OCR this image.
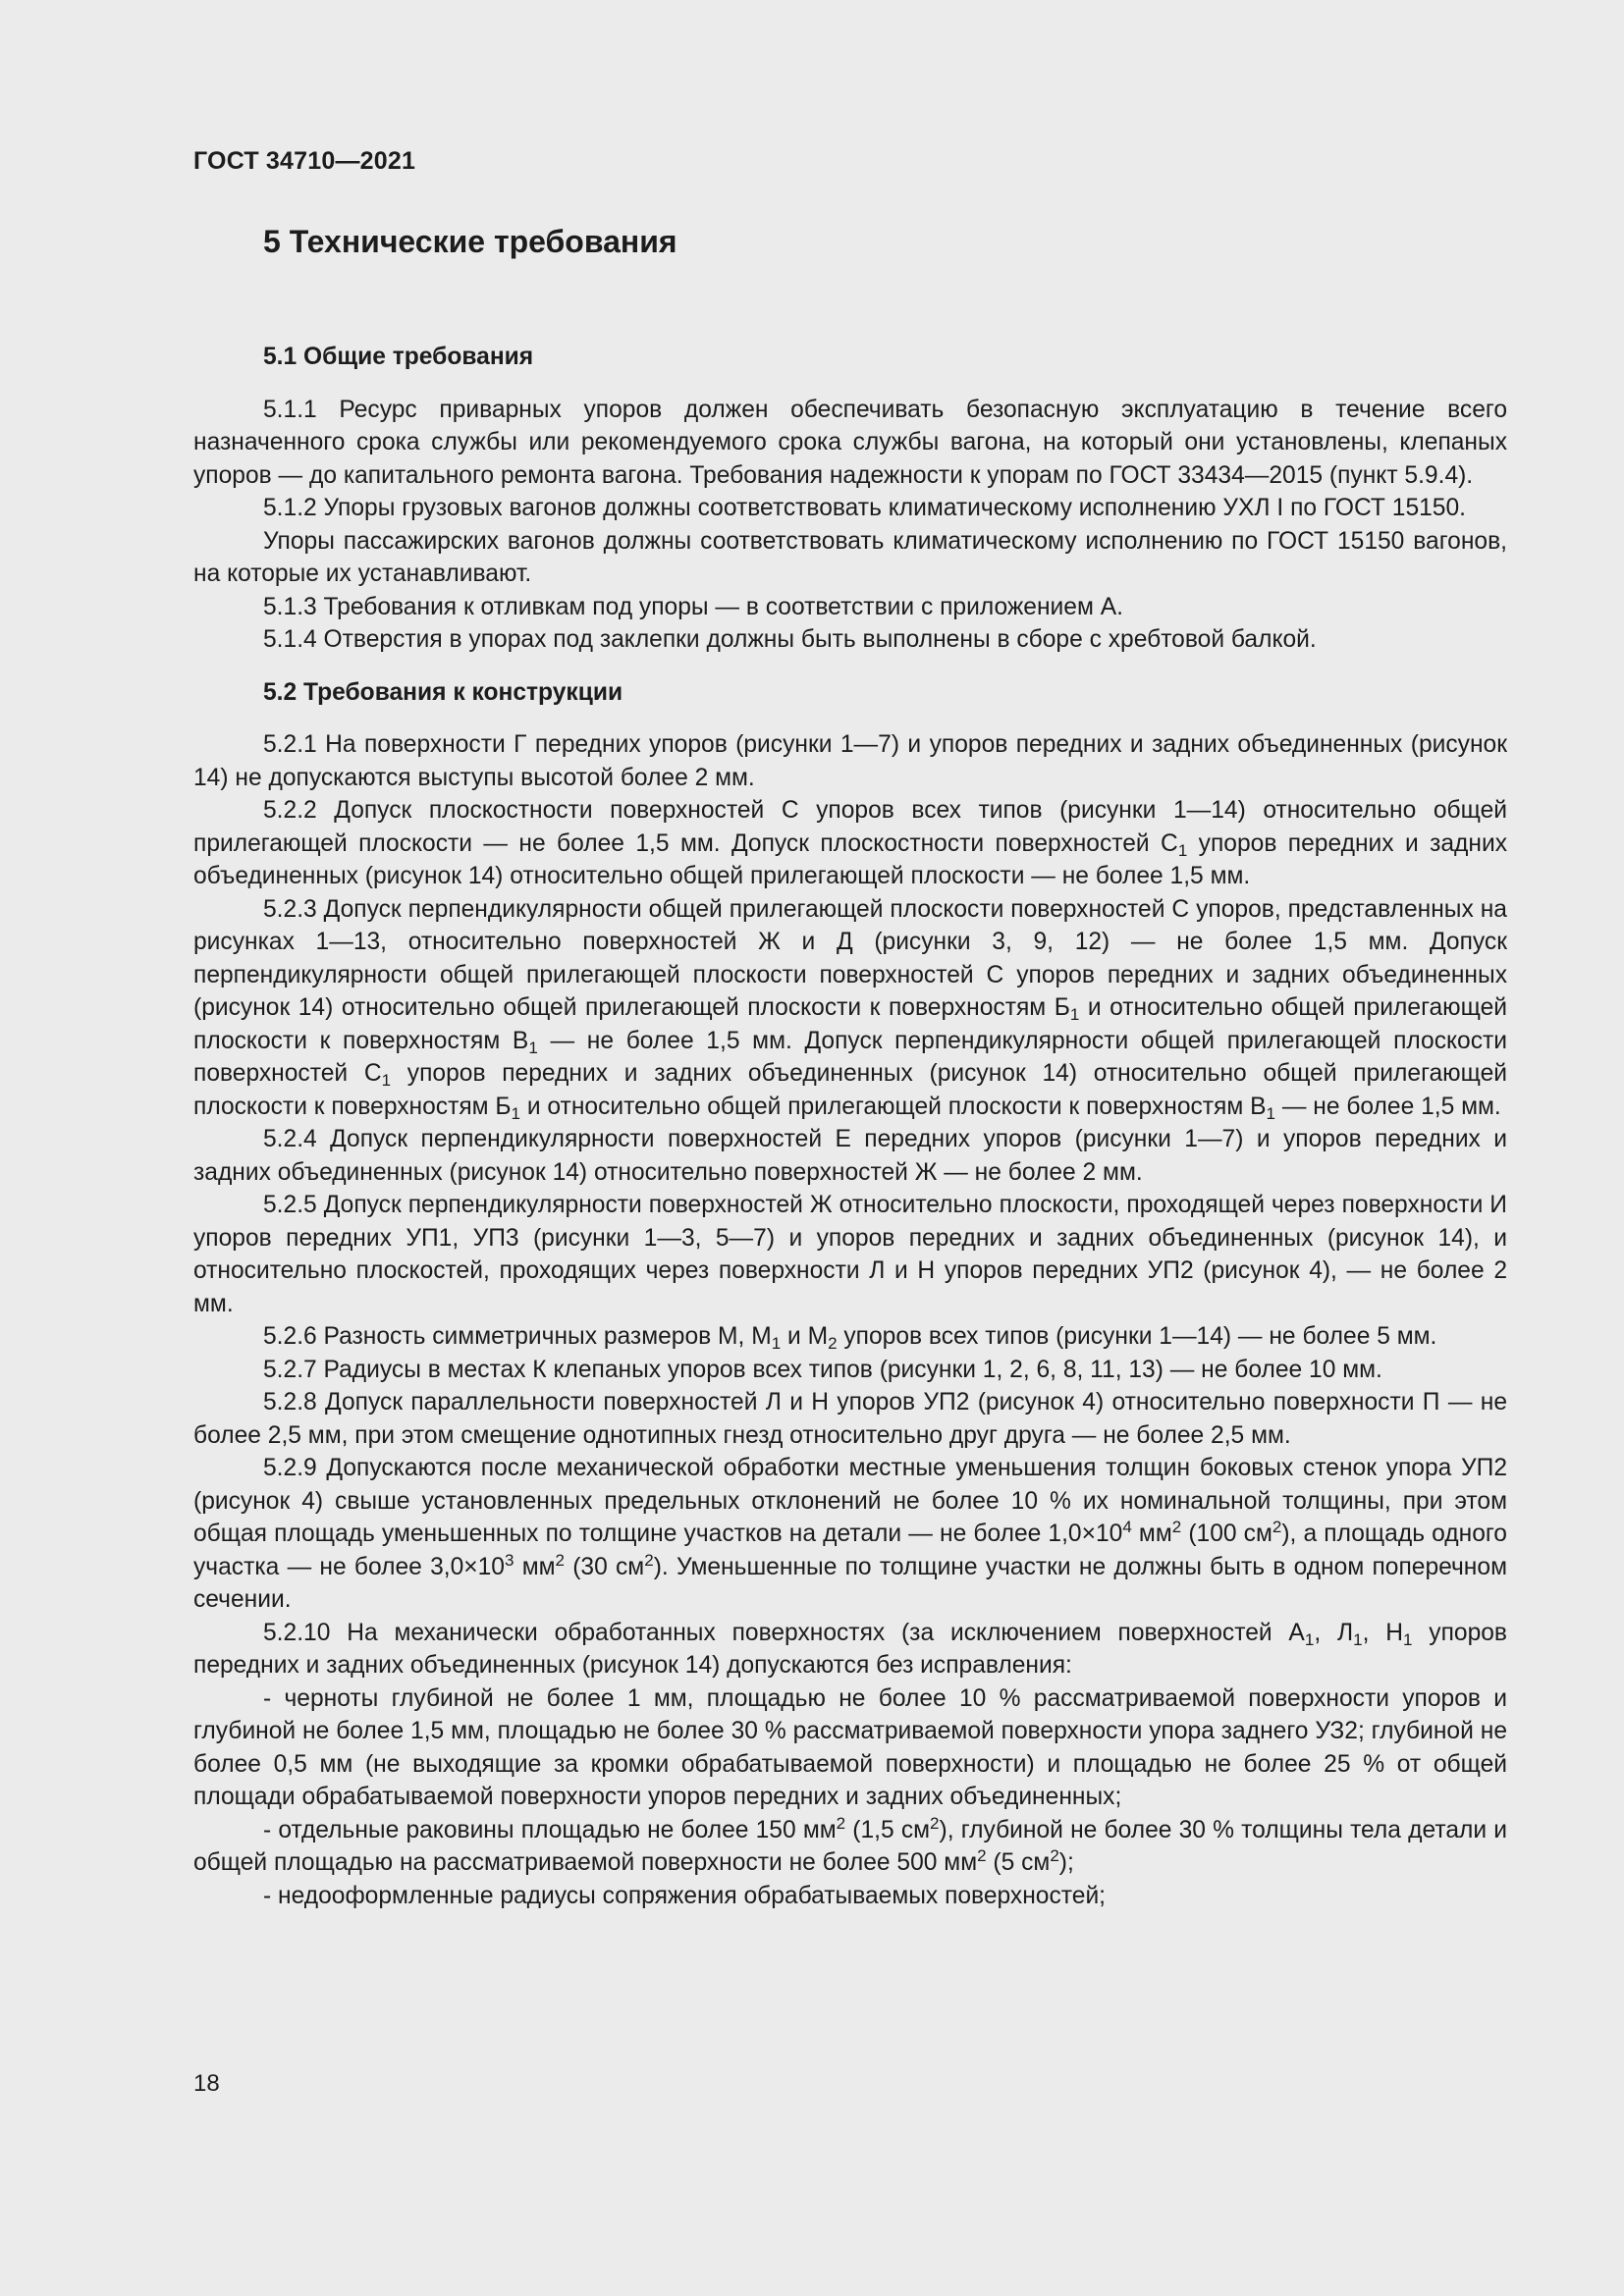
ГОСТ 34710—2021
5 Технические требования

5.1 Общие требования

5.1.1 Ресурс приварных упоров должен обеспечивать безопасную эксплуатацию в течение всего назначенного срока службы или рекомендуемого срока службы вагона, на который они установлены, клепаных упоров — до капитального ремонта вагона. Требования надежности к упорам по ГОСТ 33434—2015 (пункт 5.9.4).

5.1.2 Упоры грузовых вагонов должны соответствовать климатическому исполнению УХЛ I по ГОСТ 15150.

Упоры пассажирских вагонов должны соответствовать климатическому исполнению по ГОСТ 15150 вагонов, на которые их устанавливают.

5.1.3 Требования к отливкам под упоры — в соответствии с приложением А.

5.1.4 Отверстия в упорах под заклепки должны быть выполнены в сборе с хребтовой балкой.

5.2 Требования к конструкции

5.2.1 На поверхности Г передних упоров (рисунки 1—7) и упоров передних и задних объединенных (рисунок 14) не допускаются выступы высотой более 2 мм.

5.2.2 Допуск плоскостности поверхностей С упоров всех типов (рисунки 1—14) относительно общей прилегающей плоскости — не более 1,5 мм. Допуск плоскостности поверхностей $С_1$ упоров передних и задних объединенных (рисунок 14) относительно общей прилегающей плоскости — не более 1,5 мм.

5.2.3 Допуск перпендикулярности общей прилегающей плоскости поверхностей С упоров, представленных на рисунках 1—13, относительно поверхностей Ж и Д (рисунки 3, 9, 12) — не более 1,5 мм. Допуск перпендикулярности общей прилегающей плоскости поверхностей С упоров передних и задних объединенных (рисунок 14) относительно общей прилегающей плоскости к поверхностям $Б_1$ и относительно общей прилегающей плоскости к поверхностям $В_1$ — не более 1,5 мм. Допуск перпендикулярности общей прилегающей плоскости поверхностей $С_1$ упоров передних и задних объединенных (рисунок 14) относительно общей прилегающей плоскости к поверхностям $Б_1$ и относительно общей прилегающей плоскости к поверхностям $В_1$ — не более 1,5 мм.

5.2.4 Допуск перпендикулярности поверхностей Е передних упоров (рисунки 1—7) и упоров передних и задних объединенных (рисунок 14) относительно поверхностей Ж — не более 2 мм.

5.2.5 Допуск перпендикулярности поверхностей Ж относительно плоскости, проходящей через поверхности И упоров передних УП1, УП3 (рисунки 1—3, 5—7) и упоров передних и задних объединенных (рисунок 14), и относительно плоскостей, проходящих через поверхности Л и Н упоров передних УП2 (рисунок 4), — не более 2 мм.

5.2.6 Разность симметричных размеров М, $М_1$ и $М_2$ упоров всех типов (рисунки 1—14) — не более 5 мм.

5.2.7 Радиусы в местах К клепаных упоров всех типов (рисунки 1, 2, 6, 8, 11, 13) — не более 10 мм.

5.2.8 Допуск параллельности поверхностей Л и Н упоров УП2 (рисунок 4) относительно поверхности П — не более 2,5 мм, при этом смещение однотипных гнезд относительно друг друга — не более 2,5 мм.

5.2.9 Допускаются после механической обработки местные уменьшения толщин боковых стенок упора УП2 (рисунок 4) свыше установленных предельных отклонений не более 10 % их номинальной толщины, при этом общая площадь уменьшенных по толщине участков на детали — не более $1,0\times 10^4$ $мм^2$ (100 $см^2$), а площадь одного участка — не более $3,0\times 10^3$ $мм^2$ (30 $см^2$). Уменьшенные по толщине участки не должны быть в одном поперечном сечении.

5.2.10 На механически обработанных поверхностях (за исключением поверхностей $А_1$, $Л_1$, $Н_1$ упоров передних и задних объединенных (рисунок 14) допускаются без исправления:

- черноты глубиной не более 1 мм, площадью не более 10 % рассматриваемой поверхности упоров и глубиной не более 1,5 мм, площадью не более 30 % рассматриваемой поверхности упора заднего УЗ2; глубиной не более 0,5 мм (не выходящие за кромки обрабатываемой поверхности) и площадью не более 25 % от общей площади обрабатываемой поверхности упоров передних и задних объединенных;

- отдельные раковины площадью не более 150 $мм^2$ (1,5 $см^2$), глубиной не более 30 % толщины тела детали и общей площадью на рассматриваемой поверхности не более 500 $мм^2$ (5 $см^2$);

- недооформленные радиусы сопряжения обрабатываемых поверхностей;

18
